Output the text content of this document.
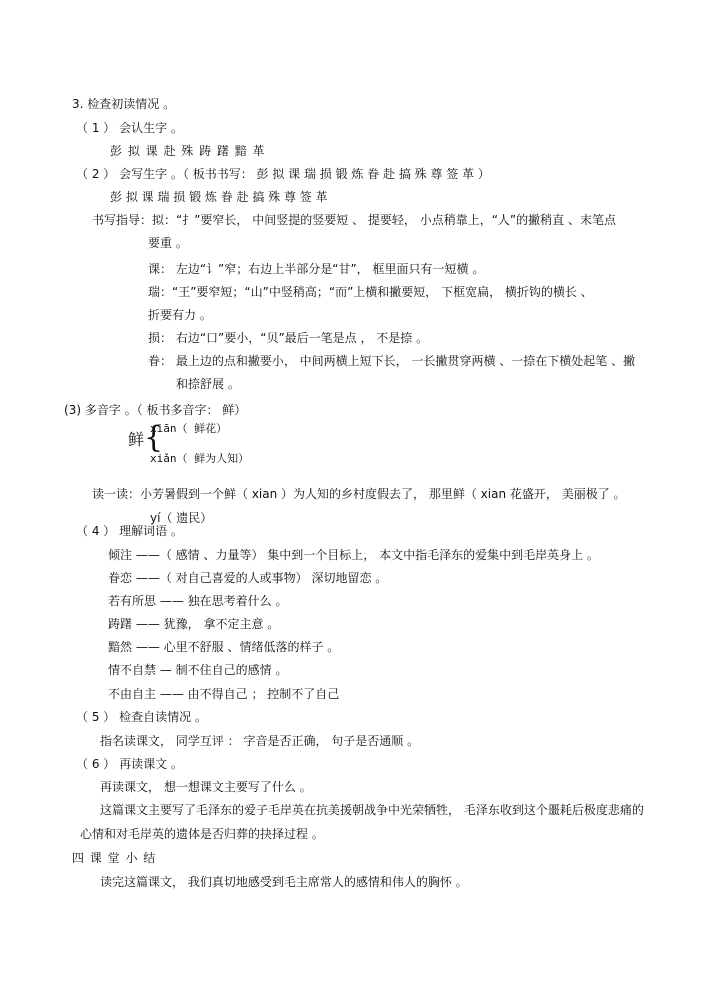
3. 检查初读情况 。
（ 1 ） 会认生字 。
彭 拟 课 赴 殊 踌 躇 黯 革
（ 2 ） 会写生字 。（ 板书书写： 彭 拟 课 瑞 损 锻 炼 眷 赴 搞 殊 尊 签 革 ）
彭 拟 课 瑞 损 锻 炼 眷 赴 搞 殊 尊 签 革
书写指导：拟：“扌”要窄长， 中间竖提的竖要短 、 提要轻， 小点稍靠上，“人”的撇稍直 、末笔点
要重 。
课： 左边“讠”窄；右边上半部分是“甘”， 框里面只有一短横 。
瑞：“王”要窄短；“山”中竖稍高；“而”上横和撇要短， 下框宽扁， 横折钩的横长 、
折要有力 。
损： 右边“口”要小，“贝”最后一笔是点 ， 不是捺 。
眷： 最上边的点和撇要小， 中间两横上短下长， 一长撇贯穿两横 、一捺在下横处起笔 、撇
和捺舒展 。
(3) 多音字 。（ 板书多音字： 鲜）
鲜 {
xiān（ 鲜花）
xiǎn（ 鲜为人知）
读一读：小芳暑假到一个鲜（ xian ）为人知的乡村度假去了， 那里鲜（ xian 花盛开， 美丽极了 。
yí（ 遗民）
（ 4 ） 理解词语 。
倾注 ——（ 感情 、力量等） 集中到一个目标上， 本文中指毛泽东的爱集中到毛岸英身上 。
眷恋 ——（ 对自己喜爱的人或事物） 深切地留恋 。
若有所思 —— 独在思考着什么 。
踌躇 —— 犹豫， 拿不定主意 。
黯然 —— 心里不舒服 、情绪低落的样子 。
情不自禁 — 制不住自己的感情 。
不由自主 —— 由不得自己 ； 控制不了自己
（ 5 ） 检查自读情况 。
指名读课文， 同学互评 ： 字音是否正确， 句子是否通顺 。
（ 6 ） 再读课文 。
再读课文， 想一想课文主要写了什么 。
这篇课文主要写了毛泽东的爱子毛岸英在抗美援朝战争中光荣牺牲， 毛泽东收到这个噩耗后极度悲痛的
心情和对毛岸英的遗体是否归葬的抉择过程 。
四 课 堂 小 结
读完这篇课文， 我们真切地感受到毛主席常人的感情和伟人的胸怀 。
